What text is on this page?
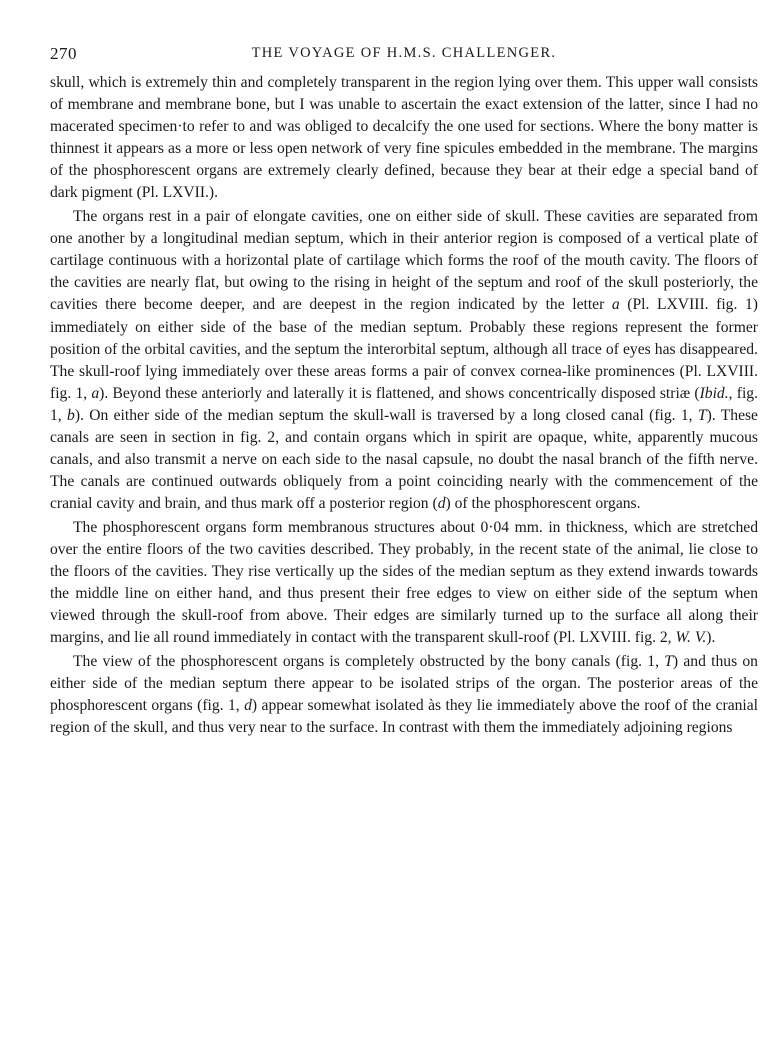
270	THE VOYAGE OF H.M.S. CHALLENGER.

skull, which is extremely thin and completely transparent in the region lying over them. This upper wall consists of membrane and membrane bone, but I was unable to ascertain the exact extension of the latter, since I had no macerated specimen·to refer to and was obliged to decalcify the one used for sections. Where the bony matter is thinnest it appears as a more or less open network of very fine spicules embedded in the membrane. The margins of the phosphorescent organs are extremely clearly defined, because they bear at their edge a special band of dark pigment (Pl. LXVII.).

The organs rest in a pair of elongate cavities, one on either side of skull. These cavities are separated from one another by a longitudinal median septum, which in their anterior region is composed of a vertical plate of cartilage continuous with a horizontal plate of cartilage which forms the roof of the mouth cavity. The floors of the cavities are nearly flat, but owing to the rising in height of the septum and roof of the skull posteriorly, the cavities there become deeper, and are deepest in the region indicated by the letter a (Pl. LXVIII. fig. 1) immediately on either side of the base of the median septum. Probably these regions represent the former position of the orbital cavities, and the septum the interorbital septum, although all trace of eyes has disappeared. The skull-roof lying immediately over these areas forms a pair of convex cornea-like prominences (Pl. LXVIII. fig. 1, a). Beyond these anteriorly and laterally it is flattened, and shows concentrically disposed striæ (Ibid., fig. 1, b). On either side of the median septum the skull-wall is traversed by a long closed canal (fig. 1, T). These canals are seen in section in fig. 2, and contain organs which in spirit are opaque, white, apparently mucous canals, and also transmit a nerve on each side to the nasal capsule, no doubt the nasal branch of the fifth nerve. The canals are continued outwards obliquely from a point coinciding nearly with the commencement of the cranial cavity and brain, and thus mark off a posterior region (d) of the phosphorescent organs.

The phosphorescent organs form membranous structures about 0·04 mm. in thickness, which are stretched over the entire floors of the two cavities described. They probably, in the recent state of the animal, lie close to the floors of the cavities. They rise vertically up the sides of the median septum as they extend inwards towards the middle line on either hand, and thus present their free edges to view on either side of the septum when viewed through the skull-roof from above. Their edges are similarly turned up to the surface all along their margins, and lie all round immediately in contact with the transparent skull-roof (Pl. LXVIII. fig. 2, W. V.).

The view of the phosphorescent organs is completely obstructed by the bony canals (fig. 1, T) and thus on either side of the median septum there appear to be isolated strips of the organ. The posterior areas of the phosphorescent organs (fig. 1, d) appear somewhat isolated às they lie immediately above the roof of the cranial region of the skull, and thus very near to the surface. In contrast with them the immediately adjoining regions
